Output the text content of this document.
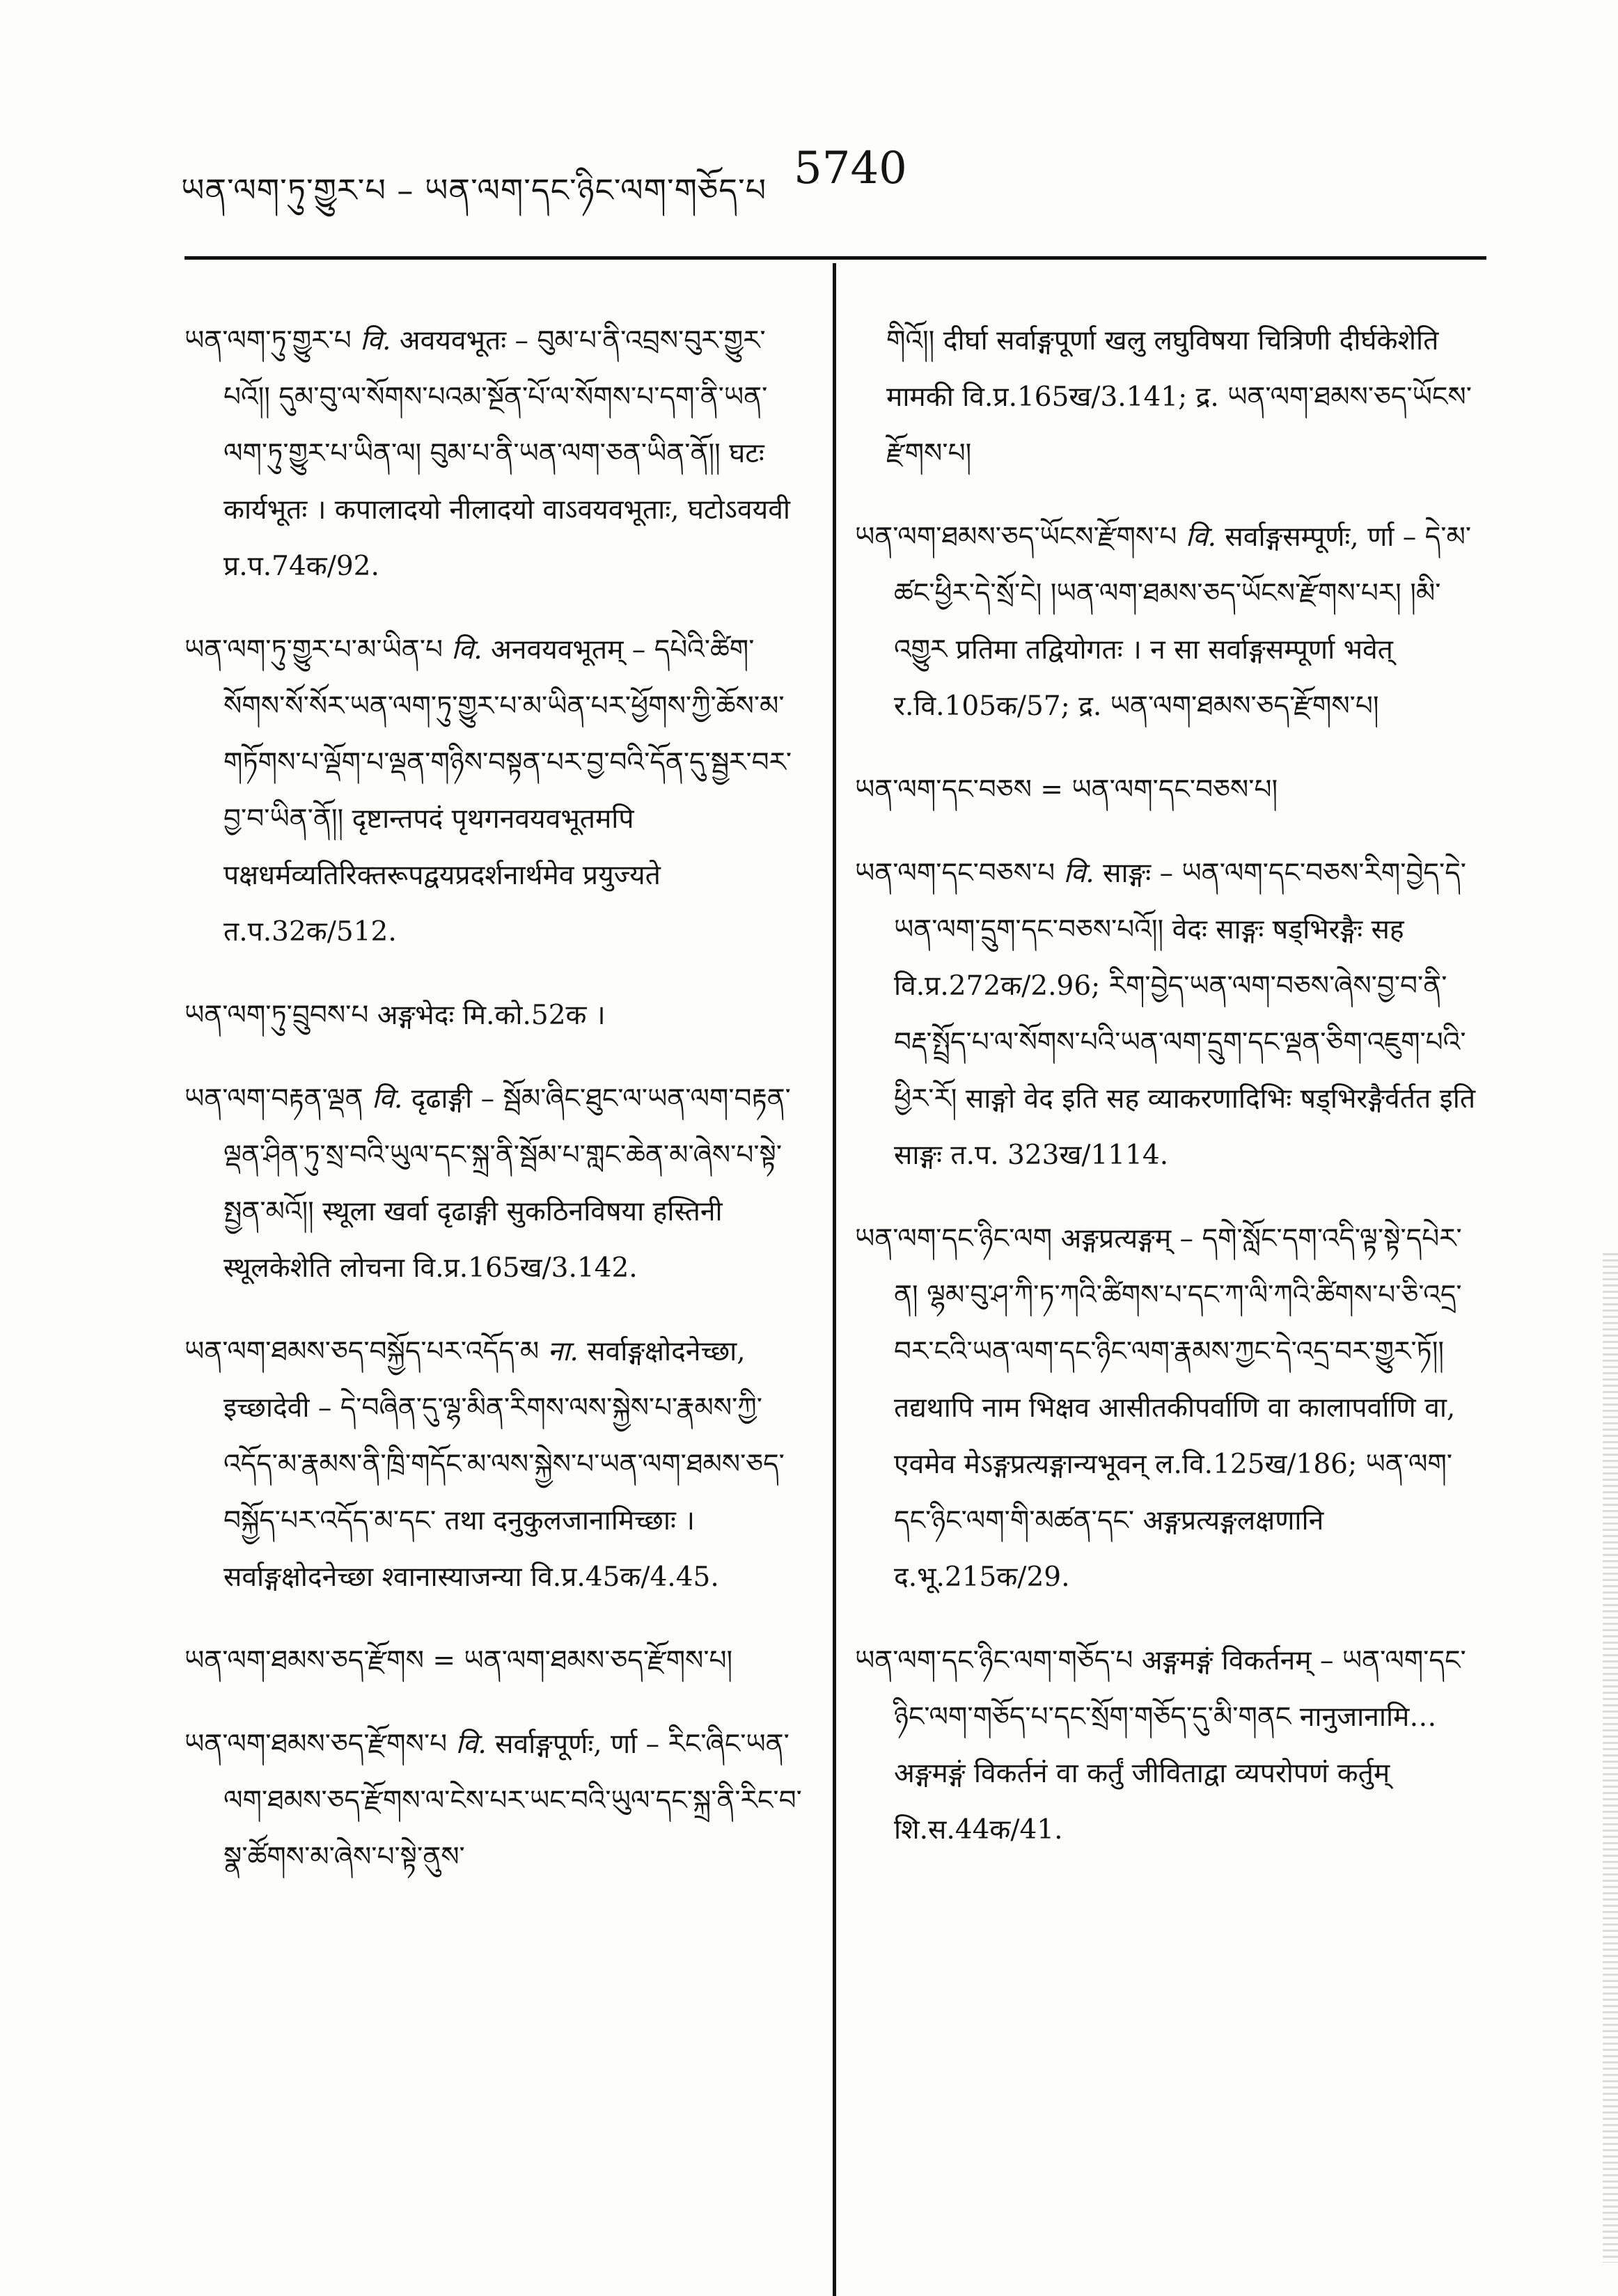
ཡན་ལག་ཏུ་གྱུར་པ – ཡན་ལག་དང་ཉིང་ལག་གཅོད་པ 5740

ཡན་ལག་ཏུ་གྱུར་པ वि. अवयवभूतः – བུམ་པ་ནི་འབྲས་བུར་གྱུར་པའོ།། དུམ་བུ་ལ་སོགས་པའམ་སྔོན་པོ་ལ་སོགས་པ་དག་ནི་ཡན་ལག་ཏུ་གྱུར་པ་ཡིན་ལ། བུམ་པ་ནི་ཡན་ལག་ཅན་ཡིན་ནོ།། घटः कार्यभूतः । कपालादयो नीलादयो वाऽवयवभूताः, घटोऽवयवी प्र.प.74क/92.

ཡན་ལག་ཏུ་གྱུར་པ་མ་ཡིན་པ वि. अनवयवभूतम् – དཔེའི་ཚིག་སོགས་སོ་སོར་ཡན་ལག་ཏུ་གྱུར་པ་མ་ཡིན་པར་ཕྱོགས་ཀྱི་ཆོས་མ་གཏོགས་པ་ལྡོག་པ་ལྡན་གཉིས་བསྟན་པར་བྱ་བའི་དོན་དུ་སྦྱར་བར་བྱ་བ་ཡིན་ནོ།། दृष्टान्तपदं पृथगनवयवभूतमपि पक्षधर्मव्यतिरिक्तरूपद्वयप्रदर्शनार्थमेव प्रयुज्यते त.प.32क/512.

ཡན་ལག་ཏུ་བྲུབས་པ अङ्गभेदः मि.को.52क ।

ཡན་ལག་བརྟན་ལྡན वि. दृढाङ्गी – སྦོམ་ཞིང་ཐུང་ལ་ཡན་ལག་བརྟན་ལྡན་ཤིན་ཏུ་སྲ་བའི་ཡུལ་དང་སྐྲ་ནི་སྦོམ་པ་གླང་ཆེན་མ་ཞེས་པ་སྟེ་སྤྱན་མའོ།། स्थूला खर्वा दृढाङ्गी सुकठिनविषया हस्तिनी स्थूलकेशेति लोचना वि.प्र.165ख/3.142.

ཡན་ལག་ཐམས་ཅད་བསྐྱོད་པར་འདོད་མ ना. सर्वाङ्गक्षोदनेच्छा, इच्छादेवी – དེ་བཞིན་དུ་ལྷ་མིན་རིགས་ལས་སྐྱེས་པ་རྣམས་ཀྱི་འདོད་མ་རྣམས་ནི་ཁྲི་གདོང་མ་ལས་སྐྱེས་པ་ཡན་ལག་ཐམས་ཅད་བསྐྱོད་པར་འདོད་མ་དང་ तथा दनुकुलजानामिच्छाः । सर्वाङ्गक्षोदनेच्छा श्वानास्याजन्या वि.प्र.45क/4.45.

ཡན་ལག་ཐམས་ཅད་རྫོགས = ཡན་ལག་ཐམས་ཅད་རྫོགས་པ།

ཡན་ལག་ཐམས་ཅད་རྫོགས་པ वि. सर्वाङ्गपूर्णः, र्णा – རིང་ཞིང་ཡན་ལག་ཐམས་ཅད་རྫོགས་ལ་ངེས་པར་ཡང་བའི་ཡུལ་དང་སྐྲ་ནི་རིང་བ་སྣ་ཚོགས་མ་ཞེས་པ་སྟེ་ནུས་

གིའོ།། दीर्घा सर्वाङ्गपूर्णा खलु लघुविषया चित्रिणी दीर्घकेशेति मामकी वि.प्र.165ख/3.141; द्र. ཡན་ལག་ཐམས་ཅད་ཡོངས་རྫོགས་པ།

ཡན་ལག་ཐམས་ཅད་ཡོངས་རྫོགས་པ वि. सर्वाङ्गसम्पूर्णः, र्णा – དེ་མ་ཚང་ཕྱིར་དེ་སྲོ་ངེ། །ཡན་ལག་ཐམས་ཅད་ཡོངས་རྫོགས་པར། །མི་འགྱུར प्रतिमा तद्वियोगतः । न सा सर्वाङ्गसम्पूर्णा भवेत् र.वि.105क/57; द्र. ཡན་ལག་ཐམས་ཅད་རྫོགས་པ།

ཡན་ལག་དང་བཅས = ཡན་ལག་དང་བཅས་པ།

ཡན་ལག་དང་བཅས་པ वि. साङ्गः – ཡན་ལག་དང་བཅས་རིག་བྱེད་དེ་ཡན་ལག་དྲུག་དང་བཅས་པའོ།། वेदः साङ्गः षड्भिरङ्गैः सह वि.प्र.272क/2.96; རིག་བྱེད་ཡན་ལག་བཅས་ཞེས་བྱ་བ་ནི་བརྡ་སྤྲོད་པ་ལ་སོགས་པའི་ཡན་ལག་དྲུག་དང་ལྡན་ཅིག་འཇུག་པའི་ཕྱིར་རོ། साङ्गो वेद इति सह व्याकरणादिभिः षड्भिरङ्गैर्वर्तत इति साङ्गः त.प. 323ख/1114.

ཡན་ལག་དང་ཉིང་ལག अङ्गप्रत्यङ्गम् – དགེ་སློང་དག་འདི་ལྟ་སྟེ་དཔེར་ན། ལྷམ་བུ་ཤ་ཀི་ཏ་ཀའི་ཚིགས་པ་དང་ཀ་ལི་ཀའི་ཚིགས་པ་ཅི་འདྲ་བར་ངའི་ཡན་ལག་དང་ཉིང་ལག་རྣམས་ཀྱང་དེ་འདྲ་བར་གྱུར་ཏོ།། तद्यथापि नाम भिक्षव आसीतकीपर्वाणि वा कालापर्वाणि वा, एवमेव मेऽङ्गप्रत्यङ्गान्यभूवन् ल.वि.125ख/186; ཡན་ལག་དང་ཉིང་ལག་གི་མཚན་དང་ अङ्गप्रत्यङ्गलक्षणानि द.भू.215क/29.

ཡན་ལག་དང་ཉིང་ལག་གཅོད་པ अङ्गमङ्गं विकर्तनम् – ཡན་ལག་དང་ཉིང་ལག་གཅོད་པ་དང་སྲོག་གཅོད་དུ་མི་གནང नानुजानामि… अङ्गमङ्गं विकर्तनं वा कर्तुं जीविताद्वा व्यपरोपणं कर्तुम् शि.स.44क/41.
